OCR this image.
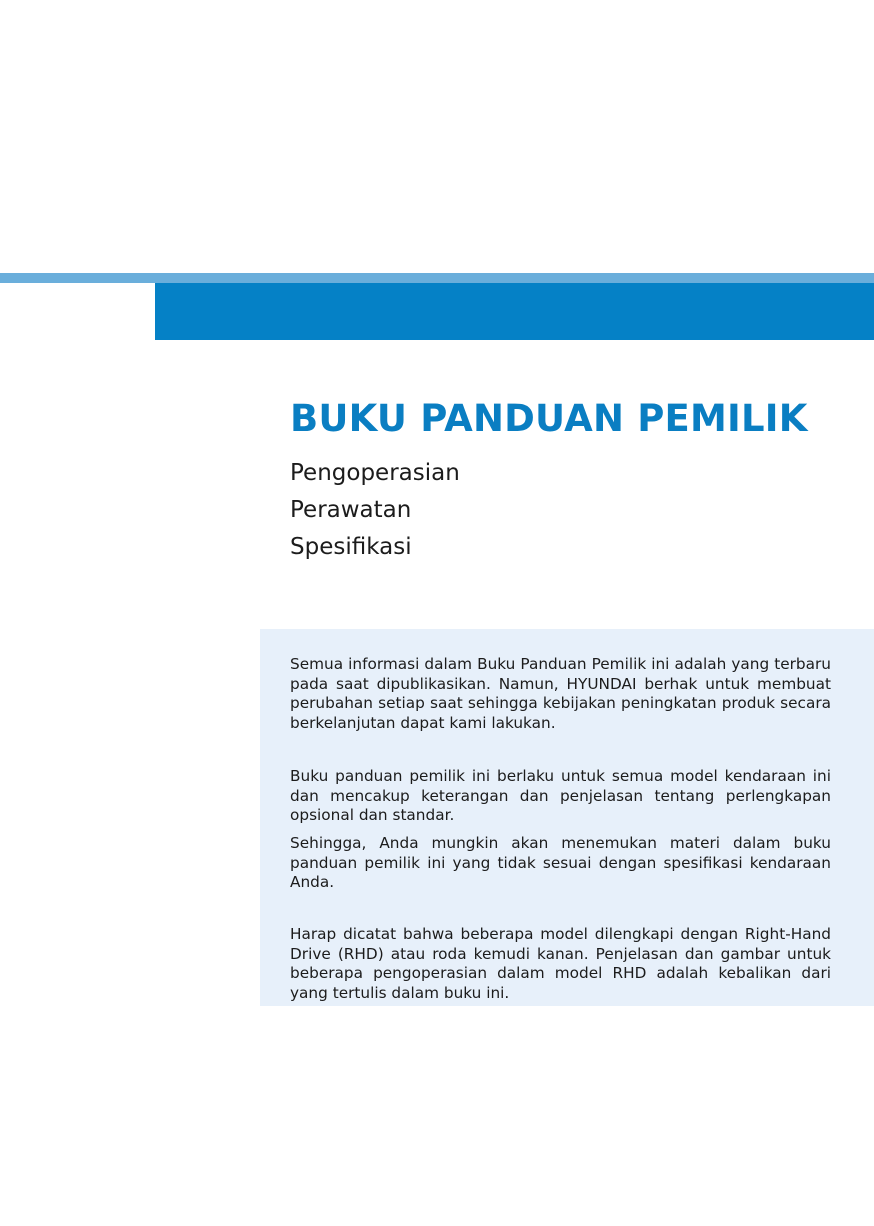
BUKU PANDUAN PEMILIK
Pengoperasian
Perawatan
Spesifikasi

Semua informasi dalam Buku Panduan Pemilik ini adalah yang terbaru pada saat dipublikasikan. Namun, HYUNDAI berhak untuk membuat perubahan setiap saat sehingga kebijakan peningkatan produk secara berkelanjutan dapat kami lakukan.

Buku panduan pemilik ini berlaku untuk semua model kendaraan ini dan mencakup keterangan dan penjelasan tentang perlengkapan opsional dan standar.

Sehingga, Anda mungkin akan menemukan materi dalam buku panduan pemilik ini yang tidak sesuai dengan spesifikasi kendaraan Anda.

Harap dicatat bahwa beberapa model dilengkapi dengan Right-Hand Drive (RHD) atau roda kemudi kanan. Penjelasan dan gambar untuk beberapa pengoperasian dalam model RHD adalah kebalikan dari yang tertulis dalam buku ini.
